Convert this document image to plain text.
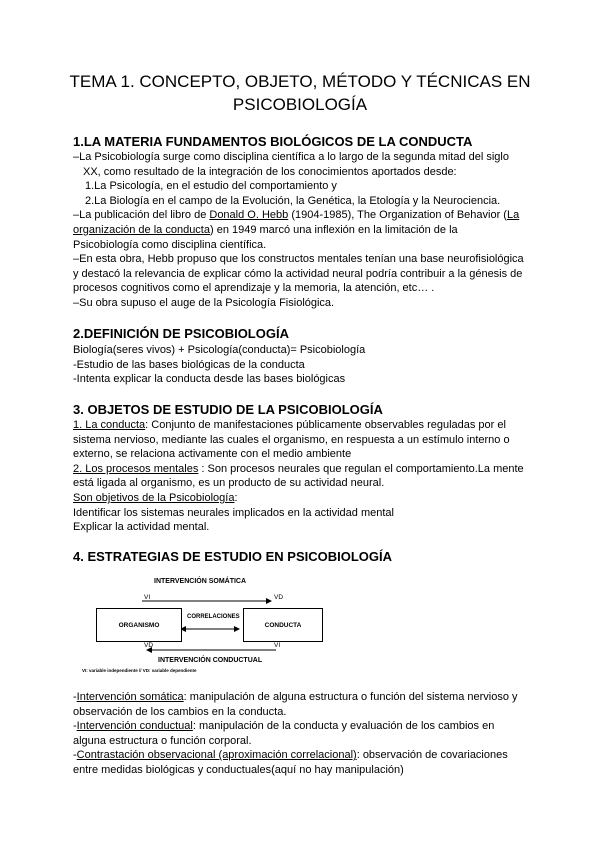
TEMA 1. CONCEPTO, OBJETO, MÉTODO Y TÉCNICAS EN
PSICOBIOLOGÍA
1.LA MATERIA FUNDAMENTOS BIOLÓGICOS DE LA CONDUCTA
–La Psicobiología surge como disciplina científica a lo largo de la segunda mitad del siglo
XX, como resultado de la integración de los conocimientos aportados desde:
1.La Psicología, en el estudio del comportamiento y
2.La Biología en el campo de la Evolución, la Genética, la Etología y la Neurociencia.
–La publicación del libro de Donald O. Hebb (1904-1985), The Organization of Behavior (La
organización de la conducta) en 1949 marcó una inflexión en la limitación de la
Psicobiología como disciplina científica.
–En esta obra, Hebb propuso que los constructos mentales tenían una base neurofisiológica
y destacó la relevancia de explicar cómo la actividad neural podría contribuir a la génesis de
procesos cognitivos como el aprendizaje y la memoria, la atención, etc… .
–Su obra supuso el auge de la Psicología Fisiológica.
2.DEFINICIÓN DE PSICOBIOLOGÍA
Biología(seres vivos) + Psicología(conducta)= Psicobiología
-Estudio de las bases biológicas de la conducta
-Intenta explicar la conducta desde las bases biológicas
3. OBJETOS DE ESTUDIO DE LA PSICOBIOLOGÍA
1. La conducta: Conjunto de manifestaciones públicamente observables reguladas por el
sistema nervioso, mediante las cuales el organismo, en respuesta a un estímulo interno o
externo, se relaciona activamente con el medio ambiente
2. Los procesos mentales : Son procesos neurales que regulan el comportamiento.La mente
está ligada al organismo, es un producto de su actividad neural.
Son objetivos de la Psicobiología:
Identificar los sistemas neurales implicados en la actividad mental
Explicar la actividad mental.
4. ESTRATEGIAS DE ESTUDIO EN PSICOBIOLOGÍA
INTERVENCIÓN SOMÁTICA
VI	VD
ORGANISMO	CONDUCTA
CORRELACIONES
VD	VI
INTERVENCIÓN CONDUCTUAL
VI: variable independiente // VD: variable dependiente
-Intervención somática: manipulación de alguna estructura o función del sistema nervioso y
observación de los cambios en la conducta.
-Intervención conductual: manipulación de la conducta y evaluación de los cambios en
alguna estructura o función corporal.
-Contrastación observacional (aproximación correlacional): observación de covariaciones
entre medidas biológicas y conductuales(aquí no hay manipulación)
